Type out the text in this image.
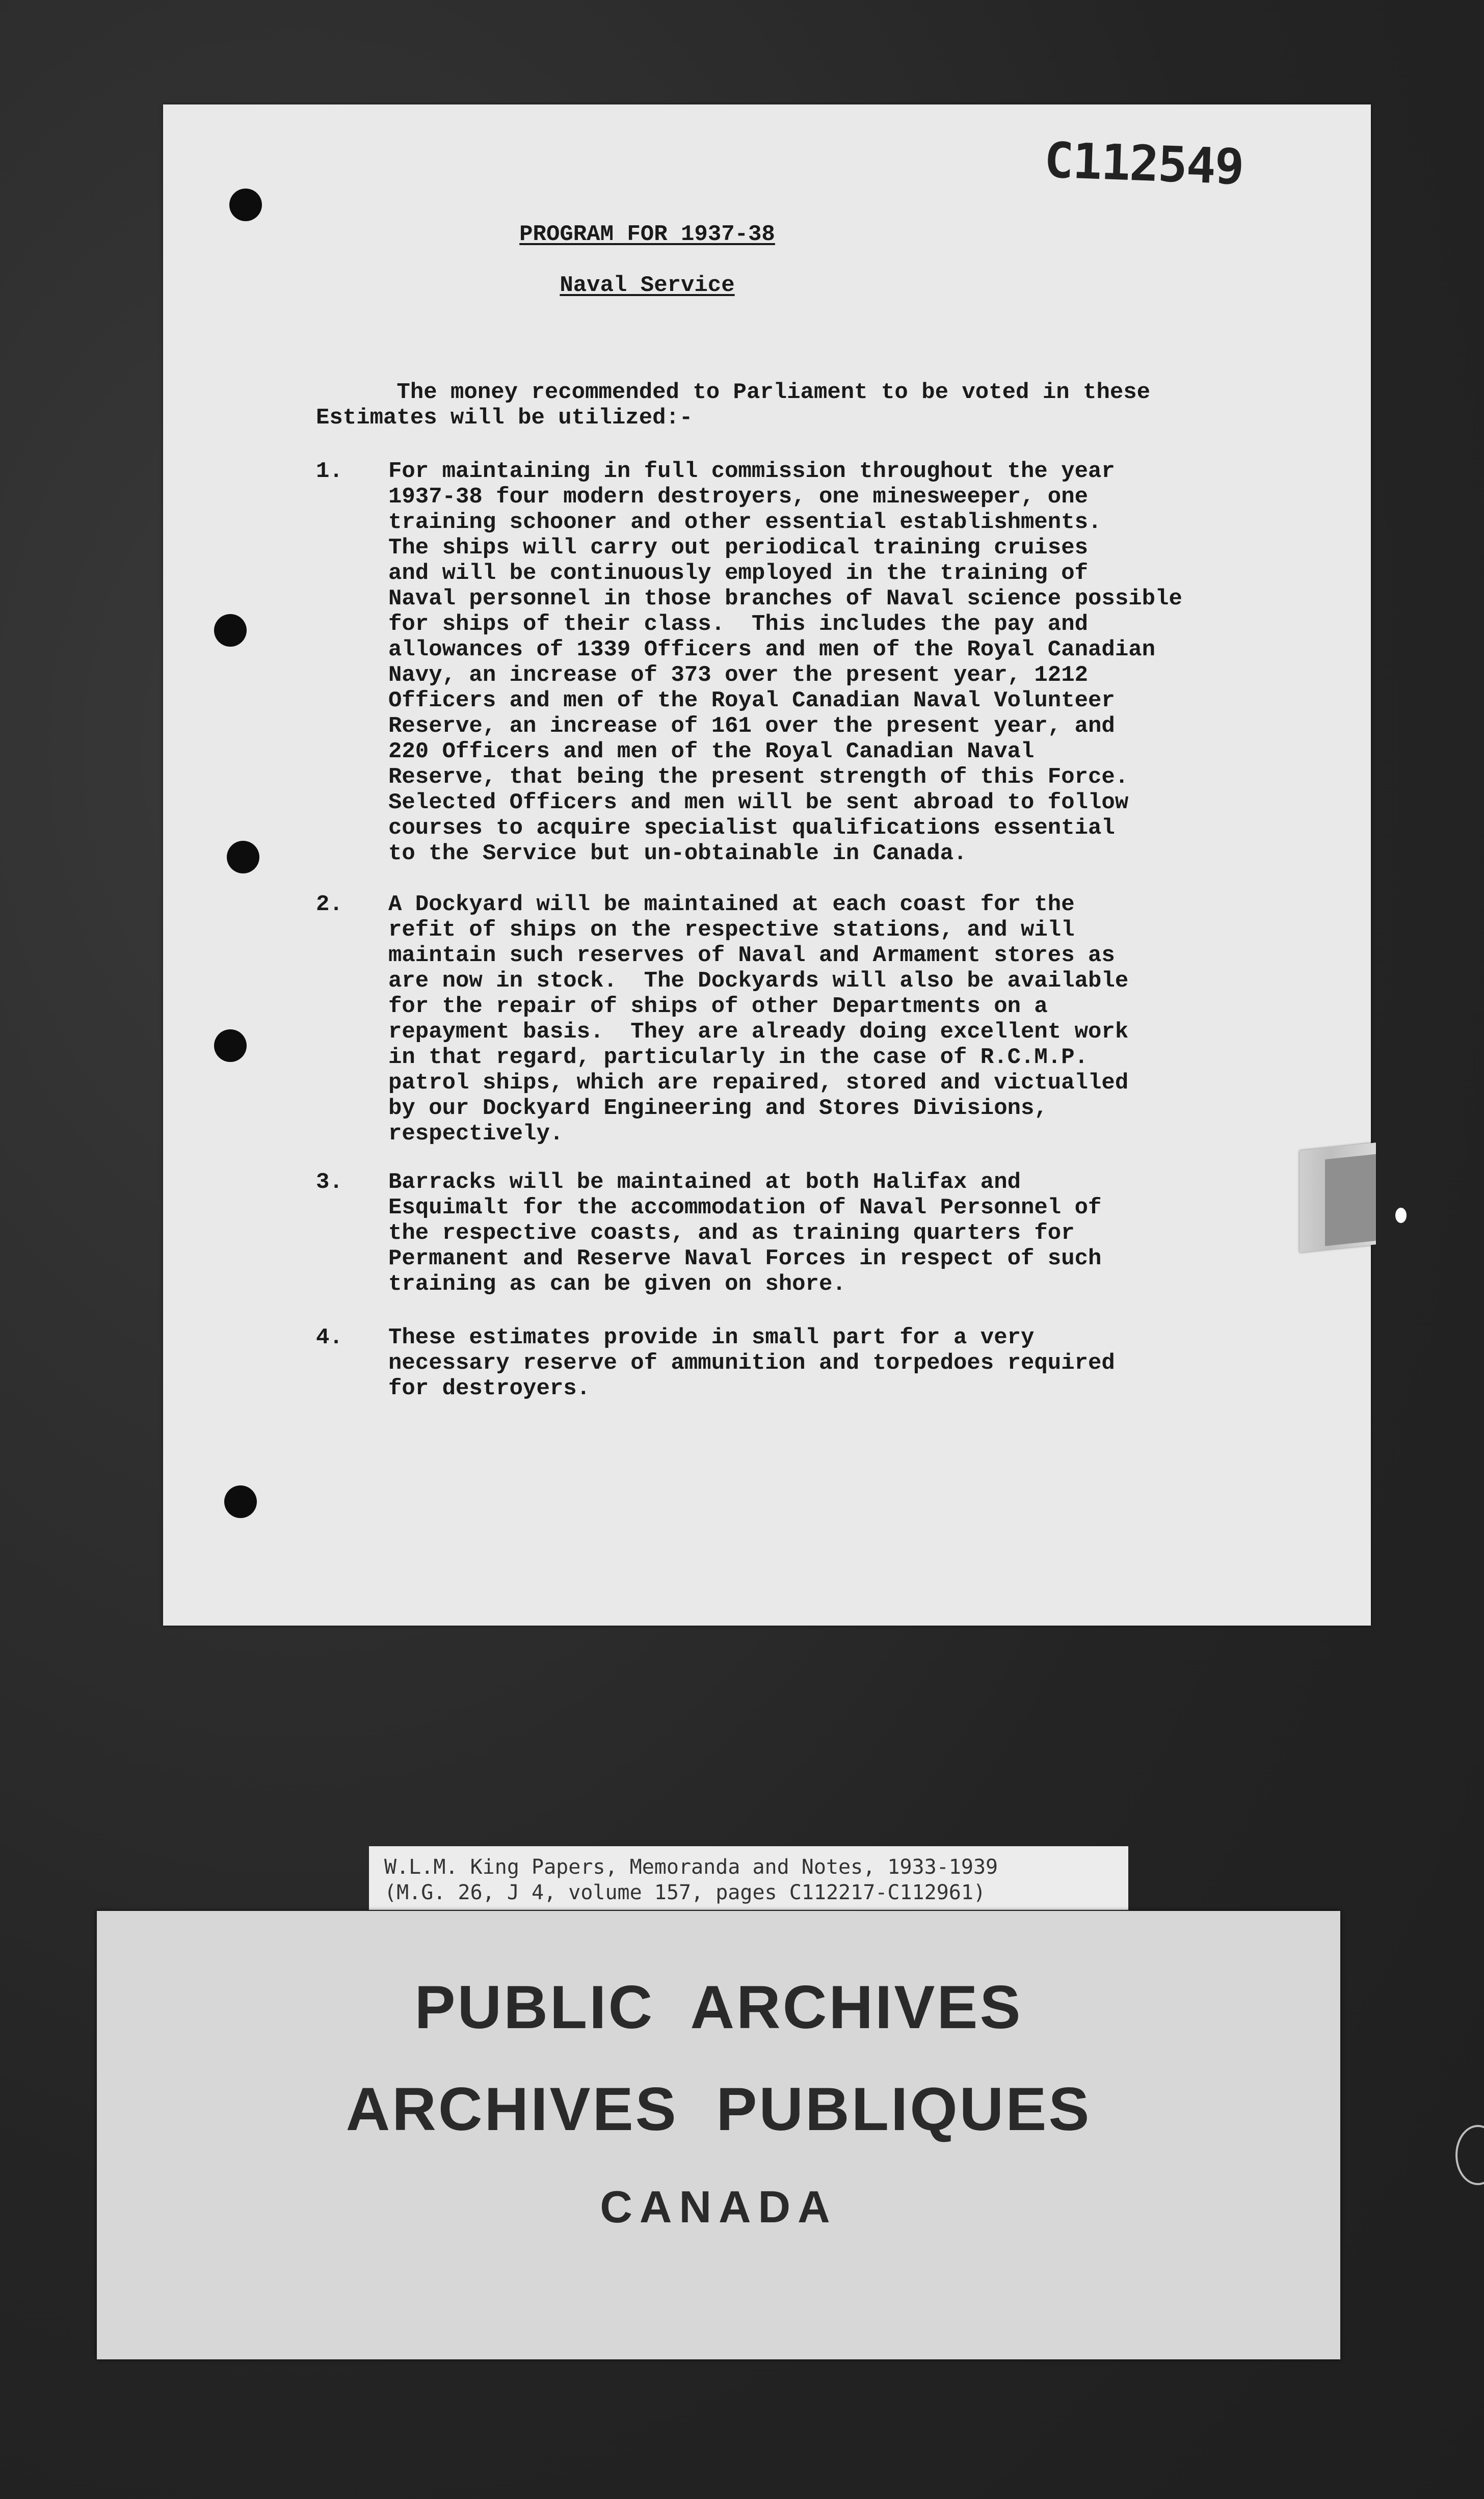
C112549
PROGRAM FOR 1937-38
Naval Service
The money recommended to Parliament to be voted in these
Estimates will be utilized:-
1. For maintaining in full commission throughout the year
1937-38 four modern destroyers, one minesweeper, one
training schooner and other essential establishments.
The ships will carry out periodical training cruises
and will be continuously employed in the training of
Naval personnel in those branches of Naval science possible
for ships of their class.  This includes the pay and
allowances of 1339 Officers and men of the Royal Canadian
Navy, an increase of 373 over the present year, 1212
Officers and men of the Royal Canadian Naval Volunteer
Reserve, an increase of 161 over the present year, and
220 Officers and men of the Royal Canadian Naval
Reserve, that being the present strength of this Force.
Selected Officers and men will be sent abroad to follow
courses to acquire specialist qualifications essential
to the Service but un-obtainable in Canada.
2. A Dockyard will be maintained at each coast for the
refit of ships on the respective stations, and will
maintain such reserves of Naval and Armament stores as
are now in stock.  The Dockyards will also be available
for the repair of ships of other Departments on a
repayment basis.  They are already doing excellent work
in that regard, particularly in the case of R.C.M.P.
patrol ships, which are repaired, stored and victualled
by our Dockyard Engineering and Stores Divisions,
respectively.
3. Barracks will be maintained at both Halifax and
Esquimalt for the accommodation of Naval Personnel of
the respective coasts, and as training quarters for
Permanent and Reserve Naval Forces in respect of such
training as can be given on shore.
4. These estimates provide in small part for a very
necessary reserve of ammunition and torpedoes required
for destroyers.
W.L.M. King Papers, Memoranda and Notes, 1933-1939
(M.G. 26, J 4, volume 157, pages C112217-C112961)
PUBLIC  ARCHIVES
ARCHIVES  PUBLIQUES
CANADA
